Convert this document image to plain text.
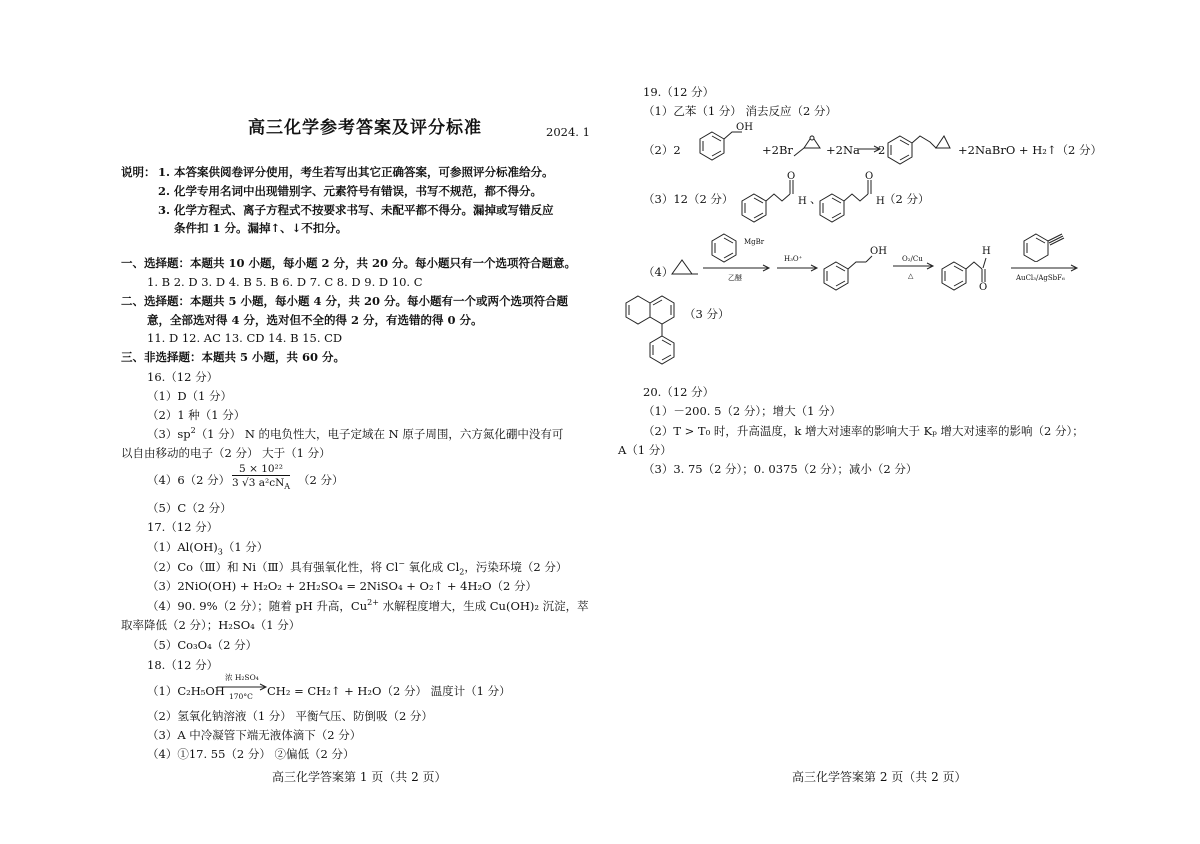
高三化学参考答案及评分标准	2024. 1
说明： 1. 本答案供阅卷评分使用，考生若写出其它正确答案，可参照评分标准给分。
2. 化学专用名词中出现错别字、元素符号有错误，书写不规范，都不得分。
3. 化学方程式、离子方程式不按要求书写、未配平都不得分。漏掉或写错反应
条件扣 1 分。漏掉↑、↓不扣分。
一、选择题：本题共 10 小题，每小题 2 分，共 20 分。每小题只有一个选项符合题意。
1. B 2. D 3. D 4. B 5. B 6. D 7. C 8. D 9. D 10. C
二、选择题：本题共 5 小题，每小题 4 分，共 20 分。每小题有一个或两个选项符合题
意，全部选对得 4 分，选对但不全的得 2 分，有选错的得 0 分。
11. D 12. AC 13. CD 14. B 15. CD
三、非选择题：本题共 5 小题，共 60 分。
16.（12 分）
（1）D（1 分）
（2）1 种（1 分）
$(3)sp^2(1$ 分） N 的电负性大，电子定域在 N 原子周围，六方氮化硼中没有可
以自由移动的电子（2 分） 大于（1 分）
（4）6（2 分）
5 × 10²²
3 √3 $a^2cN_A$ （2 分）
（5）C（2 分）
17.（12 分）
$(1)Al(OH)_3(1$ 分）
（2）Co（Ⅲ）和 Ni（Ⅲ）具有强氧化性，将 Cl− 氧化成 $Cl_2$，污染环境（2 分）
（3）2NiO(OH) + H₂O₂ + 2H₂SO₄ = 2NiSO₄ + O₂↑ + 4H₂O（2 分）
（4）90. 9%（2 分）；随着 pH 升高，$Cu^{2+}$ 水解程度增大，生成 Cu(OH)₂ 沉淀，萃
取率降低（2 分）；H₂SO₄（1 分）
（5）Co₃O₄（2 分）
18.（12 分）
（1）C₂H₅OH
浓 H₂SO₄
170°C CH₂ = CH₂↑ + H₂O（2 分） 温度计（1 分）
（2）氢氧化钠溶液（1 分） 平衡气压、防倒吸（2 分）
（3）A 中冷凝管下端无液体滴下（2 分）
（4）①17. 55（2 分） ②偏低（2 分）
高三化学答案第 1 页（共 2 页）
19.（12 分）
（1）乙苯（1 分） 消去反应（2 分）
（2）2
OH
+2Br	+2Na 2	+2NaBrO + H₂↑（2 分）
（3）12（2 分）
O
H 、
O
H （2 分）
（4）
MgBr
乙醚
H₃O⁺
OH
O₂/Cu
△
O
H
AuCl₃/AgSbF₆
（3 分）
20.（12 分）
（1）－200. 5（2 分）；增大（1 分）
（2）T > T₀ 时，升高温度，k 增大对速率的影响大于 Kₚ 增大对速率的影响（2 分）；
A（1 分）
（3）3. 75（2 分）；0. 0375（2 分）；减小（2 分）
高三化学答案第 2 页（共 2 页）
